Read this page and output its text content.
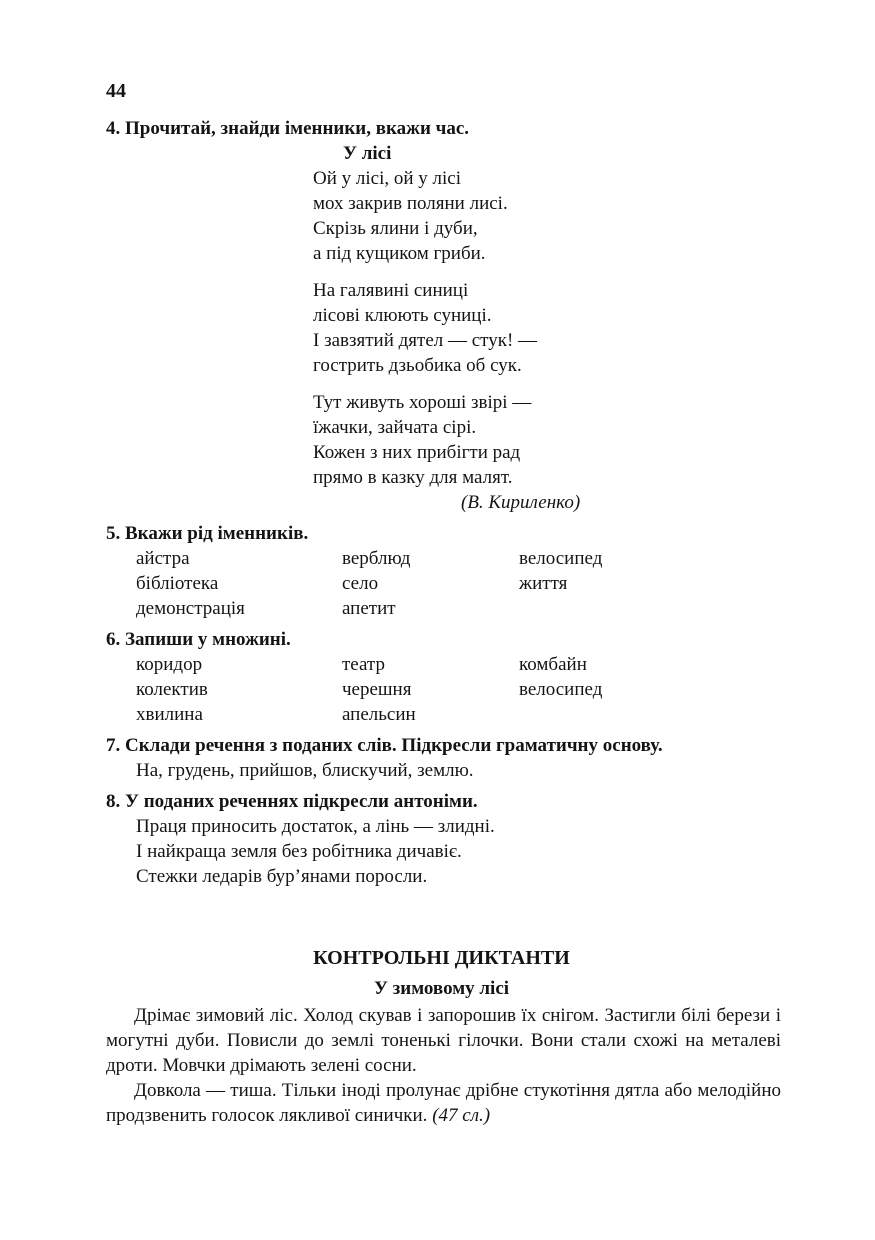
44
4. Прочитай, знайди іменники, вкажи час.
У лісі
Ой у лісі, ой у лісі
мох закрив поляни лисі.
Скрізь ялини і дуби,
а під кущиком гриби.
На галявині синиці
лісові клюють суниці.
І завзятий дятел — стук! —
гострить дзьобика об сук.
Тут живуть хороші звірі —
їжачки, зайчата сірі.
Кожен з них прибігти рад
прямо в казку для малят.
(В. Кириленко)
5. Вкажи рід іменників.
айстра	верблюд	велосипед
бібліотека	село	життя
демонстрація	апетит
6. Запиши у множині.
коридор	театр	комбайн
колектив	черешня	велосипед
хвилина	апельсин
7. Склади речення з поданих слів. Підкресли граматичну основу.
На, грудень, прийшов, блискучий, землю.
8. У поданих реченнях підкресли антоніми.
Праця приносить достаток, а лінь — злидні.
І найкраща земля без робітника дичавіє.
Стежки ледарів бур’янами поросли.
КОНТРОЛЬНІ ДИКТАНТИ
У зимовому лісі

Дрімає зимовий ліс. Холод скував і запорошив їх снігом. Застигли білі берези і могутні дуби. Повисли до землі тоненькі гілочки. Вони стали схожі на металеві дроти. Мовчки дрімають зелені сосни.

Довкола — тиша. Тільки іноді пролунає дрібне стукотіння дятла або мелодійно продзвенить голосок лякливої синички. (47 сл.)
